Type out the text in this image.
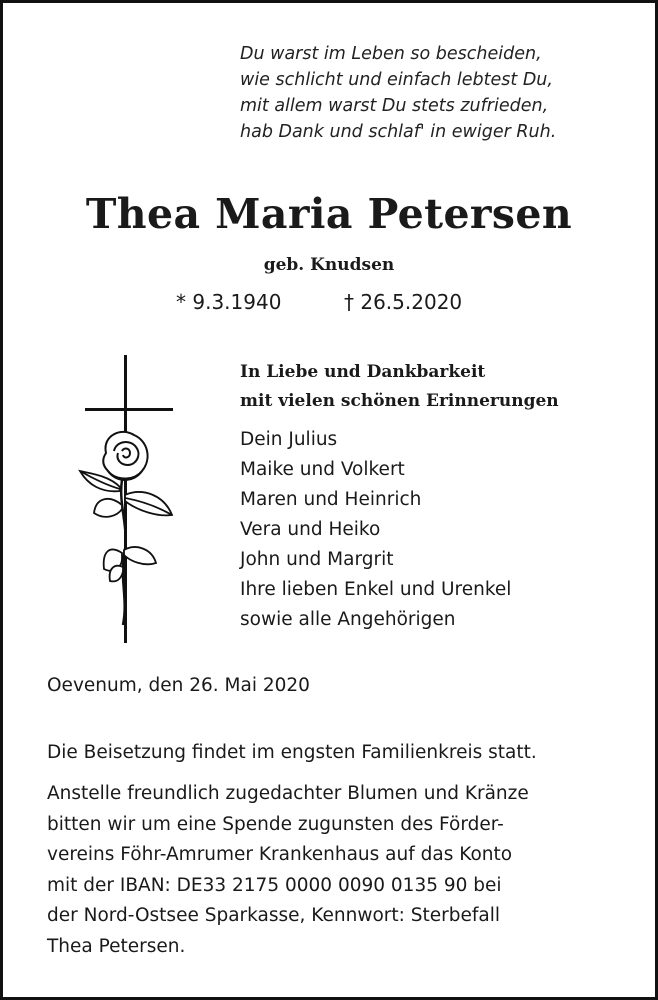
Du warst im Leben so bescheiden,
wie schlicht und einfach lebtest Du,
mit allem warst Du stets zufrieden,
hab Dank und schlaf' in ewiger Ruh.
Thea Maria Petersen
geb. Knudsen
* 9.3.1940	† 26.5.2020
In Liebe und Dankbarkeit
mit vielen schönen Erinnerungen
Dein Julius
Maike und Volkert
Maren und Heinrich
Vera und Heiko
John und Margrit
Ihre lieben Enkel und Urenkel
sowie alle Angehörigen
Oevenum, den 26. Mai 2020
Die Beisetzung findet im engsten Familienkreis statt.
Anstelle freundlich zugedachter Blumen und Kränze
bitten wir um eine Spende zugunsten des Förder-
vereins Föhr-Amrumer Krankenhaus auf das Konto
mit der IBAN: DE33 2175 0000 0090 0135 90 bei
der Nord-Ostsee Sparkasse, Kennwort: Sterbefall
Thea Petersen.
